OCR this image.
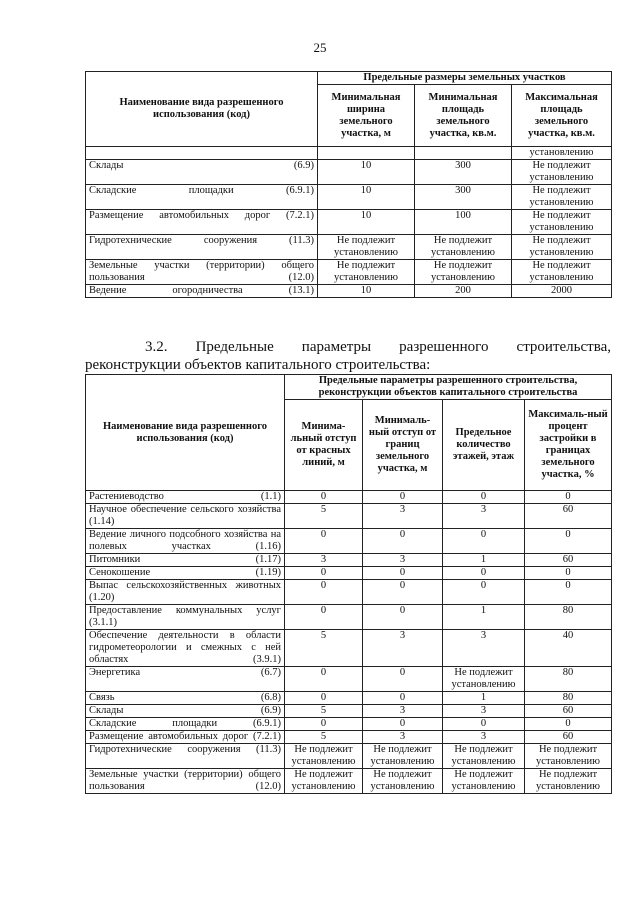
25
Наименование вида разрешенного использования (код)	Предельные размеры земельных участков		
	Минимальная ширина земельного участка, м	Минимальная площадь земельного участка, кв.м.	Максимальная площадь земельного участка, кв.м.
			установлению
Склады (6.9)	10	300	Не подлежит установлению
Складские площадки (6.9.1)	10	300	Не подлежит установлению
Размещение автомобильных дорог (7.2.1)	10	100	Не подлежит установлению
Гидротехнические сооружения (11.3)	Не подлежит установлению	Не подлежит установлению	Не подлежит установлению
Земельные участки (территории) общего пользования (12.0)	Не подлежит установлению	Не подлежит установлению	Не подлежит установлению
Ведение огородничества (13.1)	10	200	2000
3.2. Предельные параметры разрешенного строительства,
реконструкции объектов капитального строительства:
Наименование вида разрешенного использования (код)	Предельные параметры разрешенного строительства, реконструкции объектов капитального строительства			
	Минима-льный отступ от красных линий, м	Минималь-ный отступ от границ земельного участка, м	Предельное количество этажей, этаж	Максималь-ный процент застройки в границах земельного участка, %
Растениеводство (1.1)	0	0	0	0
Научное обеспечение сельского хозяйства (1.14)	5	3	3	60
Ведение личного подсобного хозяйства на полевых участках (1.16)	0	0	0	0
Питомники (1.17)	3	3	1	60
Сенокошение (1.19)	0	0	0	0
Выпас сельскохозяйственных животных (1.20)	0	0	0	0
Предоставление коммунальных услуг (3.1.1)	0	0	1	80
Обеспечение деятельности в области гидрометеорологии и смежных с ней областях (3.9.1)	5	3	3	40
Энергетика (6.7)	0	0	Не подлежит установлению	80
Связь (6.8)	0	0	1	80
Склады (6.9)	5	3	3	60
Складские площадки (6.9.1)	0	0	0	0
Размещение автомобильных дорог (7.2.1)	5	3	3	60
Гидротехнические сооружения (11.3)	Не подлежит установлению	Не подлежит установлению	Не подлежит установлению	Не подлежит установлению
Земельные участки (территории) общего пользования (12.0)	Не подлежит установлению	Не подлежит установлению	Не подлежит установлению	Не подлежит установлению
